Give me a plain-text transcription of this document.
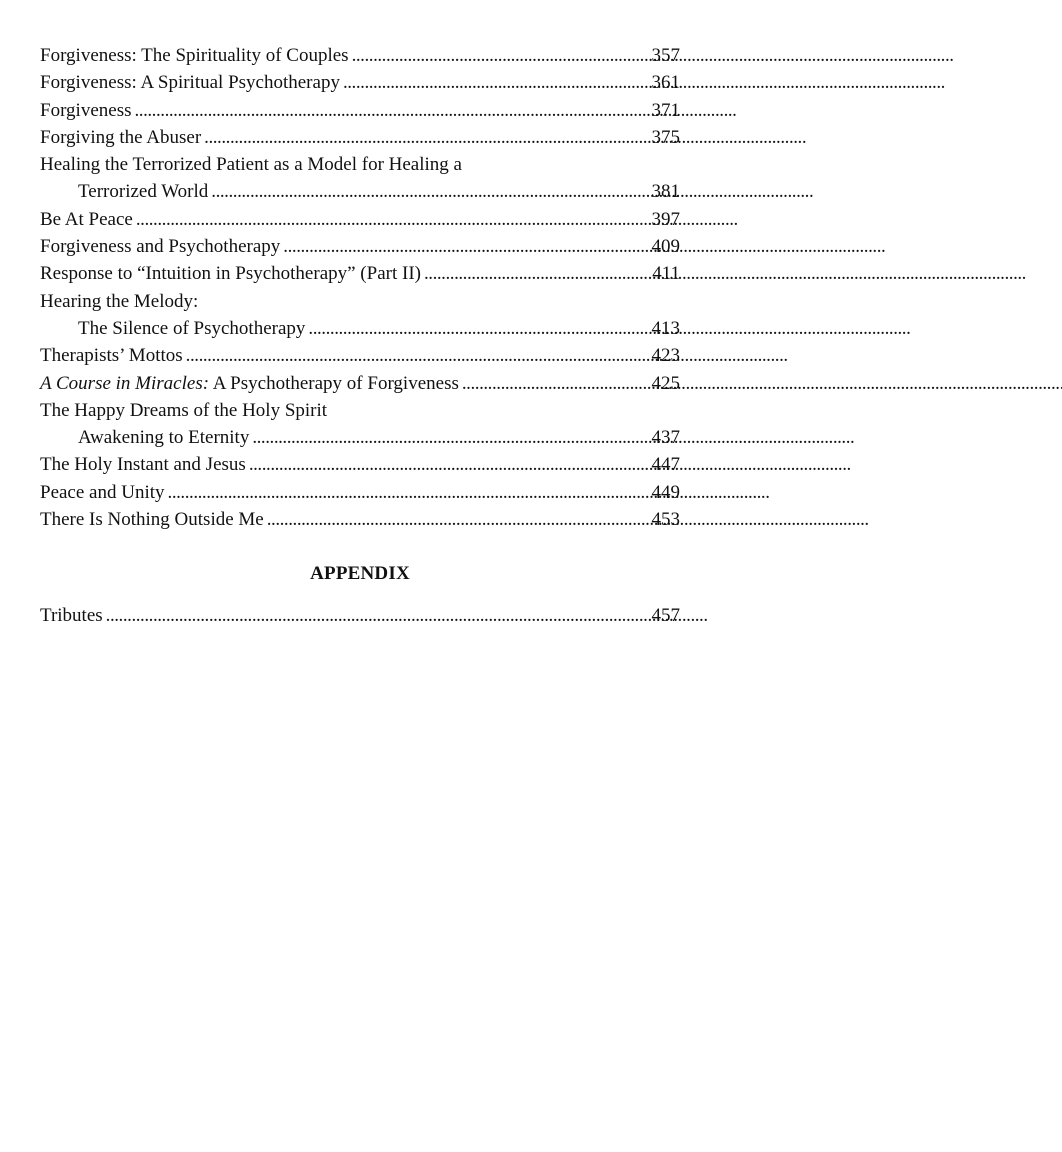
Forgiveness: The Spirituality of Couples . . .	357
Forgiveness: A Spiritual Psychotherapy . . .	361
Forgiveness . . .	371
Forgiving the Abuser . . .	375
Healing the Terrorized Patient as a Model for Healing a
Terrorized World . . .	381
Be At Peace . . .	397
Forgiveness and Psychotherapy . . .	409
Response to “Intuition in Psychotherapy” (Part II) . . .	411
Hearing the Melody:
The Silence of Psychotherapy . . .	413
Therapists’ Mottos . . .	423
A Course in Miracles: A Psychotherapy of Forgiveness . . .	425
The Happy Dreams of the Holy Spirit
Awakening to Eternity . . .	437
The Holy Instant and Jesus . . .	447
Peace and Unity . . .	449
There Is Nothing Outside Me . . .	453
APPENDIX
Tributes . . .	457
